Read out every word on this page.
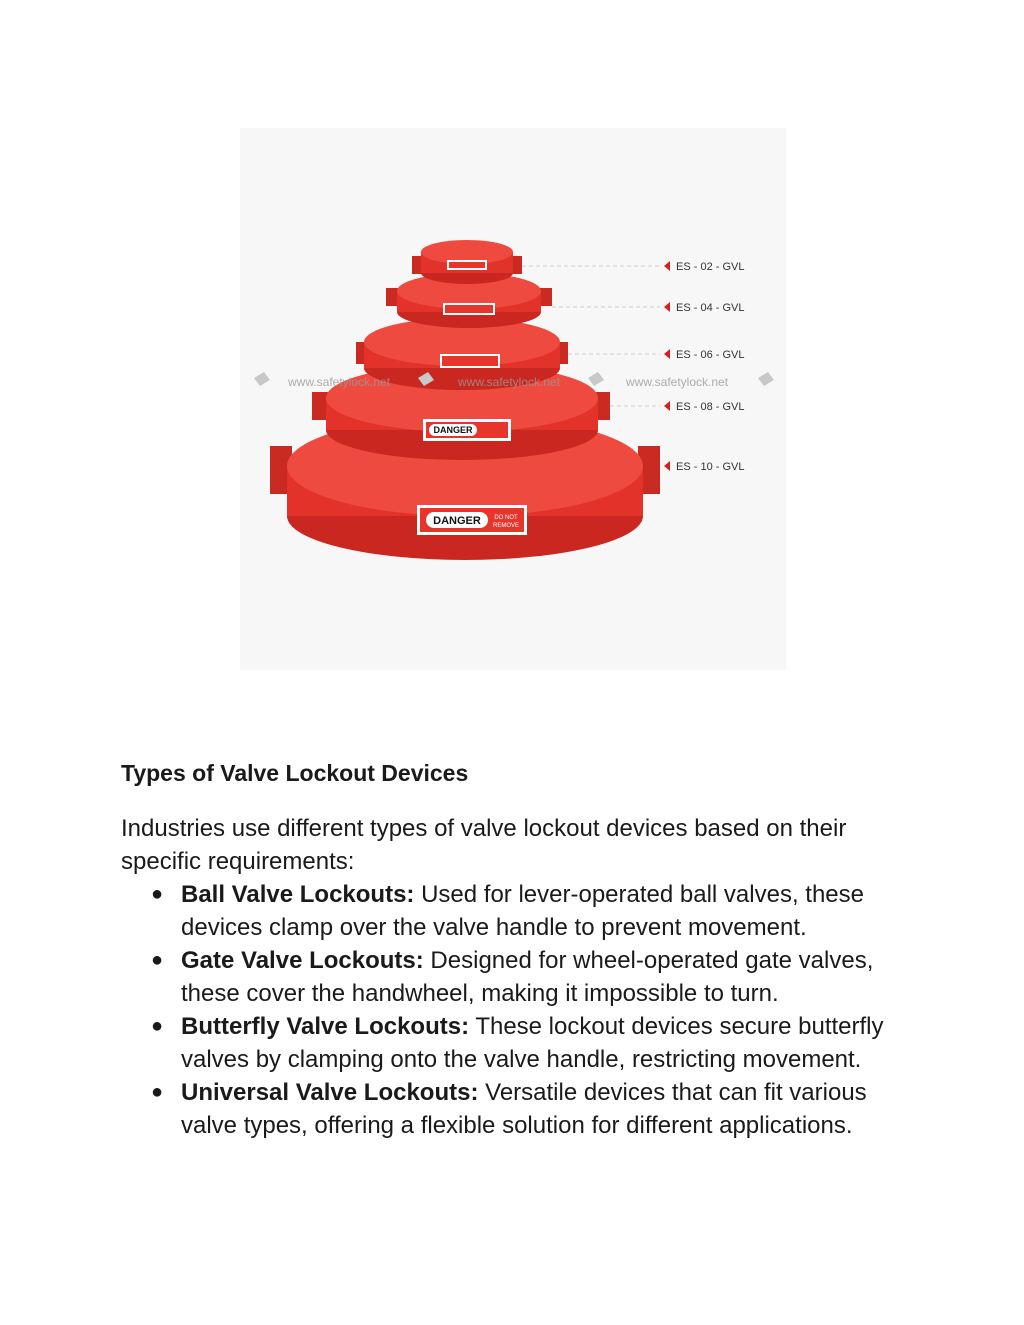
DANGER DO NOT
REMOVE
DANGER
www.safetylock.net	www.safetylock.net	www.safetylock.net
ES - 02 - GVL
ES - 04 - GVL
ES - 06 - GVL
ES - 08 - GVL
ES - 10 - GVL
Types of Valve Lockout Devices

Industries use different types of valve lockout devices based on their specific requirements:

● Ball Valve Lockouts: Used for lever-operated ball valves, these devices clamp over the valve handle to prevent movement.
● Gate Valve Lockouts: Designed for wheel-operated gate valves, these cover the handwheel, making it impossible to turn.
● Butterfly Valve Lockouts: These lockout devices secure butterfly valves by clamping onto the valve handle, restricting movement.
● Universal Valve Lockouts: Versatile devices that can fit various valve types, offering a flexible solution for different applications.
